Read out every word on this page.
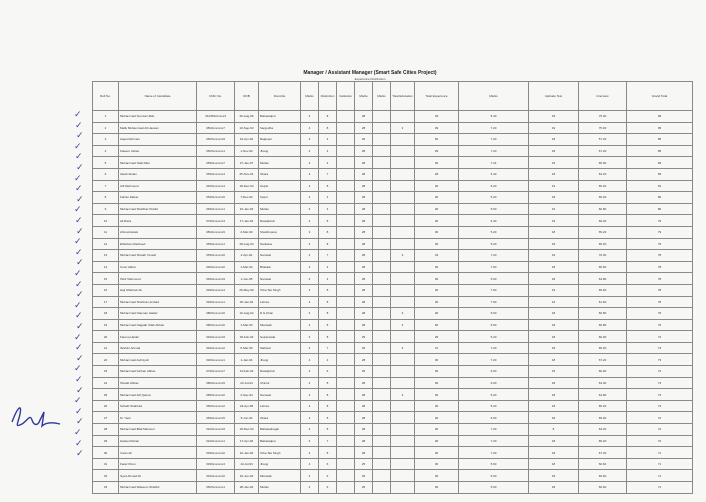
Manager / Assistant Manager (Smart Safe Cities Project)
Experience Distribution
Roll No.	Name of Candidate	CNIC No.	DOB	Domicile	Marks	Distinction	Institution	Marks	Marks	Total Education	Total Experience	Marks	Aptitude Test	Interview	Grand Total
1	Muhammad Sumsai Ullah	3120452xxxxx3	26-Aug-96	Bahawalpur	4	8		28			49	5.40	18	75.00	95
2	Malik Muhammad Ali Hassan	3810xxxxxxx7	10-Sep-93	Sargodha	4	8		28		3	49	7.20	19	75.00	95
3	Aqeel Rehman	3520xxxxxxx9	10-Apr-92	Rajanpur	4	4		20			50	7.20	18	57.20	85
4	Kaleem Ashan	3520xxxxxxx1	1-Nov-92	Jhang	4	4		28			29	7.20	18	67.20	85
5	Muhammad Talal Dilar	3530xxxxxxx7	27-Jan-97	Multan	4	4		28			30	7.24	19	65.00	83
6	Aleah Akram	3530xxxxxxx4	25-Nov-91	Okara	4	7		28			28	6.40	18	64.20	83
7	Atif Mehmood	3420xxxxxxx4	18-Dec-93	Gujrat	4	8		28			30	5.20	19	65.20	81
8	Faizan Zafeer	3540xxxxxxx5	7-Dec-92	Kasur	4	4		28			30	5.20	18	65.20	80
9	Muhammad Shahbaz Khalid	3630xxxxxxx1	16-Jan-93	Multan	4	4		28			30	5.60	16	60.80	80
10	Ali Raza	3740xxxxxxx3	17-Jan-94	Rawalpindi	4	8		28			30	6.40	19	66.40	79
11	Ahmad Awais	3810xxxxxxx9	2-Mar-90	Sheikhupura	3	8		28			30	5.20	18	65.20	79
12	Ehtisham Rasheed	3530xxxxxxx1	28-Aug-93	Nankana	4	8		28			30	5.20	18	65.20	79
13	Muhammad Shoaib Yousaf	3530xxxxxxx6	2-Apr-94	Narowal	4	7		28		3	43	7.20	19	70.00	78
14	Umer Akbar	3460xxxxxxx0	1-Mar-94	Bhakkar	4	4		28			30	7.60	18	65.60	78
15	Tahir Mehmood	3640xxxxxxx9	1-Jun-95	Narowal	4	4		28			30	5.60	18	64.80	78
16	Haji Shahzeb Ali	3330xxxxxxx4	26-May-90	Toba Tek Singh	4	8		28			30	7.60	19	65.60	78
17	Muhammad Shahnan Arshad	3340xxxxxxx1	25-Jan-94	Lahore	4	8		28			30	7.60	16	61.60	78
18	Muhammad Nauman Haider	3820xxxxxxx6	10-Aug-92	D.G.Khan	4	8		28		3	30	5.60	18	66.80	76
19	Muhammad Nagaab Ullah Abbas	3820xxxxxxx6	1-Mar-93	Mianwali	4	8		28		3	50	5.60	18	66.80	76
20	Farooq Haider	3420xxxxxxx9	18-Feb-92	Gujranwala	4	8		25			25	5.20	18	60.00	74
21	Ibrahim Ahmad	3420xxxxxxx2	5-Mar-90	Sahiwal	4	7		25		3	47	7.20	18	65.20	73
22	Muhammad Asif Ayub	3320xxxxxxx1	1-Jan-94	Jhang	4	4		28			30	7.20	18	67.20	73
23	Muhammad Farhan Abbas	3740xxxxxxx7	13-Feb-92	Rawalpindi	4	6		25			30	6.00	15	60.00	72
24	Shoaib Abbas	3820xxxxxxx5	23-Jul-94	Chiniot	4	8		28			30	6.00	18	63.00	73
25	Muhammad Atif Qamar	3830xxxxxxx0	2-Sep-94	Narowal	4	8		28		3	30	5.20	18	64.80	73
26	Sohaib Shahzad	3520xxxxxxx2	23-Apr-95	Lahore	4	8		28			30	5.20	18	65.20	73
27	M. Yasir	3540xxxxxxx5	5-Jun-92	Okara	4	8		28			30	5.60	18	65.00	72
28	Muhammad Bilal Mansoor	3120xxxxxxx9	18-Dec-94	Bahawalnagar	4	8		28			30	7.20	8	64.20	72
29	Haheel Rehan	3120xxxxxxx1	17-Apr-92	Bahawalpur	4	7		28			30	7.20	18	65.20	72
30	Imran Ali	3330xxxxxxx0	10-Jan-90	Toba Tek Singh	4	8		28			30	7.20	18	67.20	71
31	Faraz Khan	3330xxxxxxx4	13-Jul-93	Jhang	4	6		25			30	5.60	18	60.60	71
32	Syed Ahmad Ali	3310xxxxxxx6	10-Jun-92	Mianwali	4	6		25			30	5.60	18	60.60	71
33	Muhammad Waseem Shabbir	3520xxxxxxx1	28-Jan-92	Multan	4	6		25			30	5.60	18	60.60	71
✓
✓
✓
✓
✓
✓
✓
✓
✓
✓
✓
✓
✓
✓
✓
✓
✓
✓
✓
✓
✓
✓
✓
✓
✓
✓
✓
✓
✓
✓
✓
✓
✓
